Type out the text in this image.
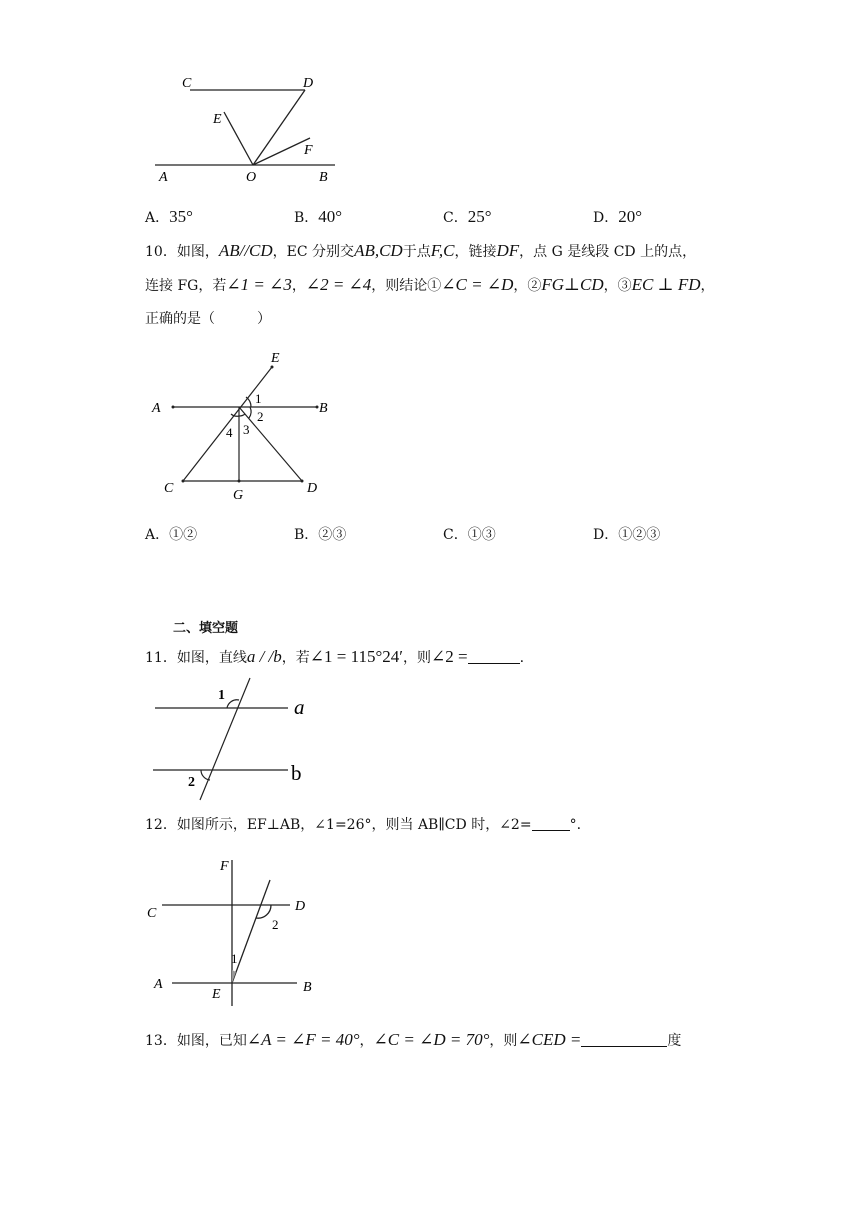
C	D
E
F
A	O	B
A．35°	B．40°	C．25°	D．20°
10．如图，AB//CD，EC 分别交AB,CD于点F,C，链接DF，点 G 是线段 CD 上的点，
连接 FG，若∠1 = ∠3，∠2 = ∠4，则结论①∠C = ∠D，②FG⊥CD，③EC ⊥ FD，
正确的是（　　　）
E
A	B
1
2
3
4
C	G	D
A．①②	B．②③	C．①③	D．①②③
二、填空题
11．如图，直线a / /b，若∠1 = 115°24′，则∠2 =	.
1
2
a
b
12．如图所示，EF⊥AB，∠1=26°，则当 AB∥CD 时，∠2=	°.
F
C	D
2
1
A
E	B
13．如图，已知∠A = ∠F = 40°，∠C = ∠D = 70°，则∠CED =	度
